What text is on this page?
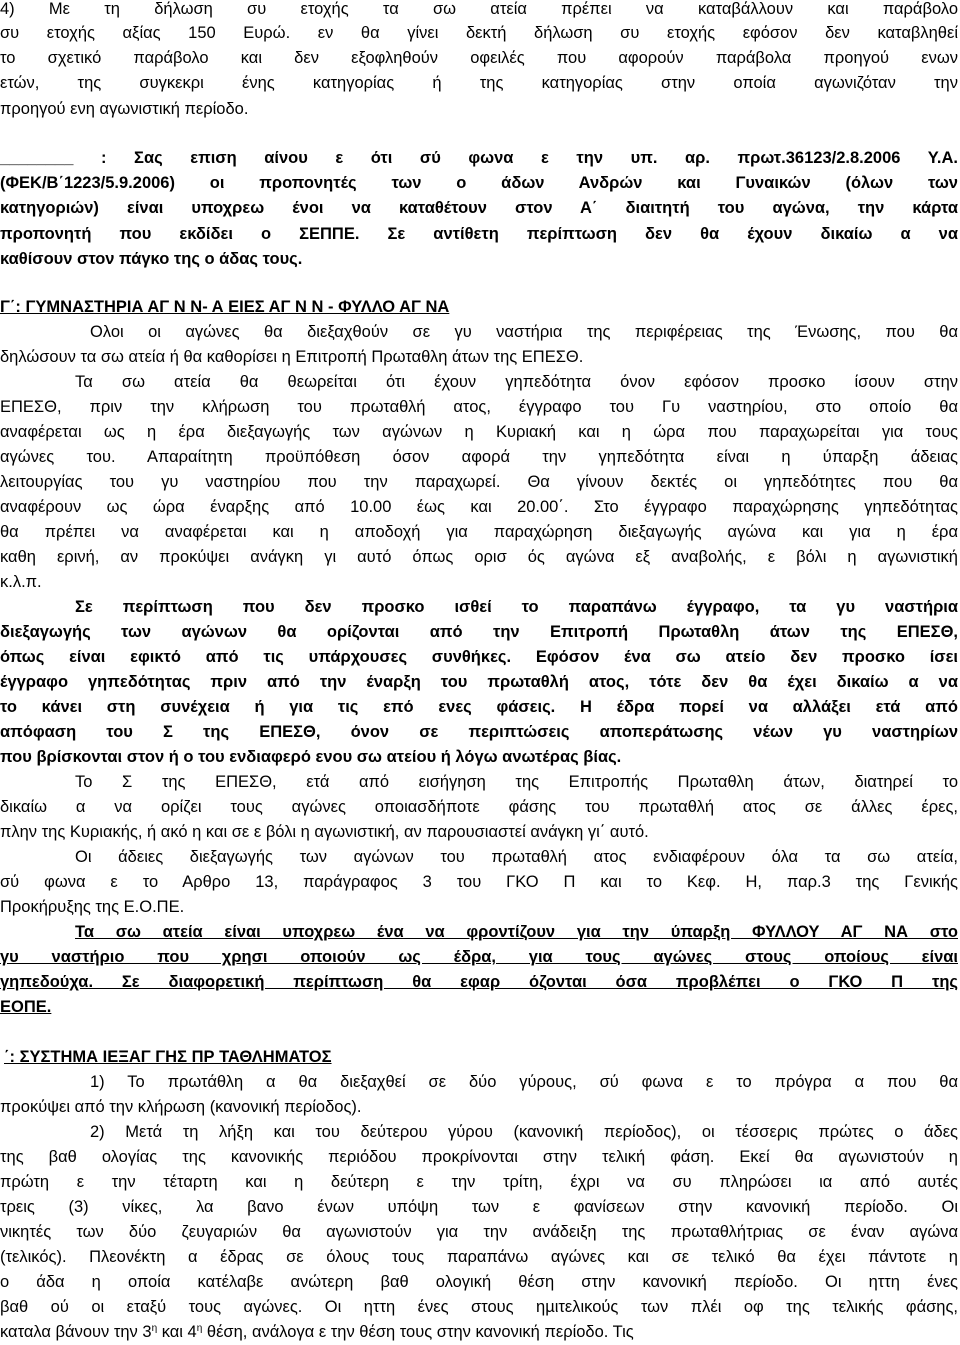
4) Με τη δήλωση συ ετοχής τα σω ατεία πρέπει να καταβάλλουν και παράβολο
συ ετοχής αξίας 150 Ευρώ. εν θα γίνει δεκτή δήλωση συ ετοχής εφόσον δεν καταβληθεί
το σχετικό παράβολο και δεν εξοφληθούν οφειλές που αφορούν παράβολα προηγού ενων
ετών, της συγκεκρι ένης κατηγορίας ή της κατηγορίας στην οποία αγωνιζόταν την
προηγού ενη αγωνιστική περίοδο.
________ : Σας επιση αίνου ε ότι σύ φωνα ε την υπ. αρ. πρωτ.36123/2.8.2006 Υ.Α.
(ΦΕΚ/Β΄1223/5.9.2006) οι προπονητές των ο άδων Ανδρών και Γυναικών (όλων των
κατηγοριών) είναι υποχρεω ένοι να καταθέτουν στον Α΄ διαιτητή του αγώνα, την κάρτα
προπονητή που εκδίδει ο ΣΕΠΠΕ. Σε αντίθετη περίπτωση δεν θα έχουν δικαίω α να
καθίσουν στον πάγκο της ο άδας τους.
Γ΄: ΓΥΜΝΑΣΤΗΡΙΑ ΑΓ Ν Ν- Α ΕΙΕΣ ΑΓ Ν Ν - ΦΥΛΛΟ ΑΓ ΝΑ
Ολοι οι αγώνες θα διεξαχθούν σε γυ ναστήρια της περιφέρειας της Ένωσης, που θα
δηλώσουν τα σω ατεία ή θα καθορίσει η Επιτροπή Πρωταθλη άτων της ΕΠΕΣΘ.
Τα σω ατεία θα θεωρείται ότι έχουν γηπεδότητα όνον εφόσον προσκο ίσουν στην
ΕΠΕΣΘ, πριν την κλήρωση του πρωταθλή ατος, έγγραφο του Γυ ναστηρίου, στο οποίο θα
αναφέρεται ως η έρα διεξαγωγής των αγώνων η Κυριακή και η ώρα που παραχωρείται για τους
αγώνες του. Απαραίτητη προϋπόθεση όσον αφορά την γηπεδότητα είναι η ύπαρξη άδειας
λειτουργίας του γυ ναστηρίου που την παραχωρεί. Θα γίνουν δεκτές οι γηπεδότητες που θα
αναφέρουν ως ώρα έναρξης από 10.00 έως και 20.00΄. Στο έγγραφο παραχώρησης γηπεδότητας
θα πρέπει να αναφέρεται και η αποδοχή για παραχώρηση διεξαγωγής αγώνα και για η έρα
καθη ερινή, αν προκύψει ανάγκη γι αυτό όπως ορισ ός αγώνα εξ αναβολής, ε βόλι η αγωνιστική
κ.λ.π.
Σε περίπτωση που δεν προσκο ισθεί το παραπάνω έγγραφο, τα γυ ναστήρια
διεξαγωγής των αγώνων θα ορίζονται από την Επιτροπή Πρωταθλη άτων της ΕΠΕΣΘ,
όπως είναι εφικτό από τις υπάρχουσες συνθήκες. Εφόσον ένα σω ατείο δεν προσκο ίσει
έγγραφο γηπεδότητας πριν από την έναρξη του πρωταθλή ατος, τότε δεν θα έχει δικαίω α να
το κάνει στη συνέχεια ή για τις επό ενες φάσεις. Η έδρα πορεί να αλλάξει ετά από
απόφαση του Σ της ΕΠΕΣΘ, όνον σε περιπτώσεις αποπεράτωσης νέων γυ ναστηρίων
που βρίσκονται στον ή ο του ενδιαφερό ενου σω ατείου ή λόγω ανωτέρας βίας.
Το Σ της ΕΠΕΣΘ, ετά από εισήγηση της Επιτροπής Πρωταθλη άτων, διατηρεί το
δικαίω α να ορίζει τους αγώνες οποιασδήποτε φάσης του πρωταθλή ατος σε άλλες έρες,
πλην της Κυριακής, ή ακό η και σε ε βόλι η αγωνιστική, αν παρουσιαστεί ανάγκη γι΄ αυτό.
Οι άδειες διεξαγωγής των αγώνων του πρωταθλή ατος ενδιαφέρουν όλα τα σω ατεία,
σύ φωνα ε το Αρθρο 13, παράγραφος 3 του ΓΚΟ Π και το Κεφ. Η, παρ.3 της Γενικής
Προκήρυξης της Ε.Ο.ΠΕ.
Τα σω ατεία είναι υποχρεω ένα να φροντίζουν για την ύπαρξη ΦΥΛΛΟΥ ΑΓ ΝΑ στο
γυ ναστήριο που χρησι οποιούν ως έδρα, για τους αγώνες στους οποίους είναι
γηπεδούχα. Σε διαφορετική περίπτωση θα εφαρ όζονται όσα προβλέπει ο ΓΚΟ Π της
ΕΟΠΕ.
΄: ΣΥΣΤΗΜΑ ΙΕΞΑΓ ΓΗΣ ΠΡ ΤΑΘΛΗΜΑΤΟΣ
1) Το πρωτάθλη α θα διεξαχθεί σε δύο γύρους, σύ φωνα ε το πρόγρα α που θα
προκύψει από την κλήρωση (κανονική περίοδος).
2) Μετά τη λήξη και του δεύτερου γύρου (κανονική περίοδος), οι τέσσερις πρώτες ο άδες
της βαθ ολογίας της κανονικής περιόδου προκρίνονται στην τελική φάση. Εκεί θα αγωνιστούν η
πρώτη ε την τέταρτη και η δεύτερη ε την τρίτη, έχρι να συ πληρώσει ια από αυτές
τρεις (3) νίκες, λα βανο ένων υπόψη των ε φανίσεων στην κανονική περίοδο. Οι
νικητές των δύο ζευγαριών θα αγωνιστούν για την ανάδειξη της πρωταθλήτριας σε έναν αγώνα
(τελικός). Πλεονέκτη α έδρας σε όλους τους παραπάνω αγώνες και σε τελικό θα έχει πάντοτε η
ο άδα η οποία κατέλαβε ανώτερη βαθ ολογική θέση στην κανονική περίοδο. Οι ηττη ένες
βαθ ού οι εταξύ τους αγώνες. Οι ηττη ένες στους ηµιτελικούς των πλέι οφ της τελικής φάσης,
καταλα βάνουν την $3^\eta$ και $4^\eta$ θέση, ανάλογα ε την θέση τους στην κανονική περίοδο. Τις
